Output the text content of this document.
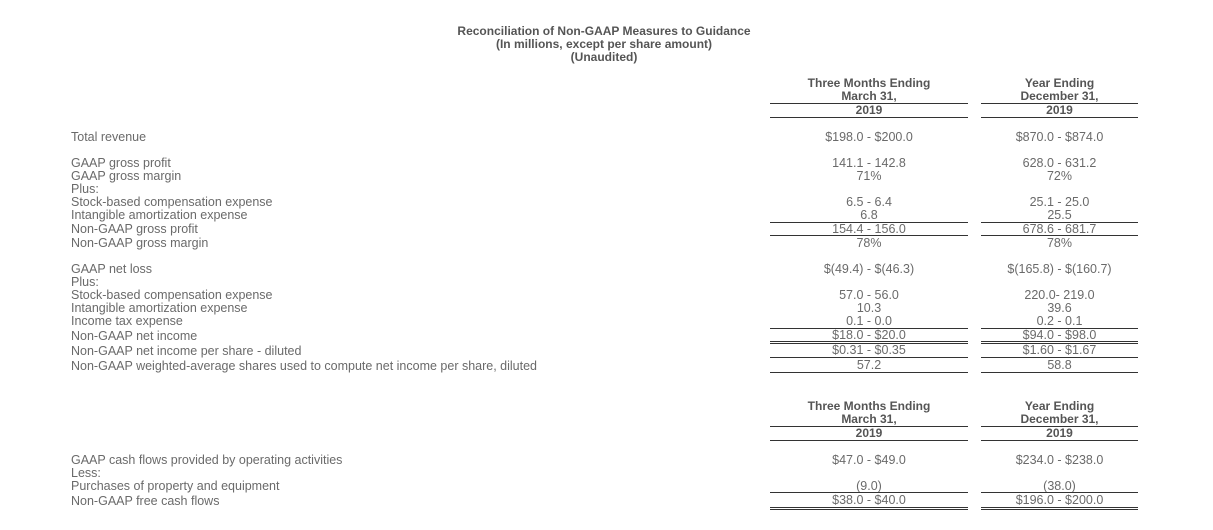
Reconciliation of Non-GAAP Measures to Guidance
(In millions, except per share amount)
(Unaudited)
Three Months Ending
March 31,
2019
Year Ending
December 31,
2019
Total revenue	$198.0 - $200.0	$870.0 - $874.0
GAAP gross profit	141.1 - 142.8	628.0 - 631.2
GAAP gross margin	71%	72%
Plus:
Stock-based compensation expense	6.5 - 6.4	25.1 - 25.0
Intangible amortization expense	6.8	25.5
Non-GAAP gross profit	154.4 - 156.0	678.6 - 681.7
Non-GAAP gross margin	78%	78%
GAAP net loss	$(49.4) - $(46.3)	$(165.8) - $(160.7)
Plus:
Stock-based compensation expense	57.0 - 56.0	220.0- 219.0
Intangible amortization expense	10.3	39.6
Income tax expense	0.1 - 0.0	0.2 - 0.1
Non-GAAP net income	$18.0 - $20.0	$94.0 - $98.0
Non-GAAP net income per share - diluted	$0.31 - $0.35	$1.60 - $1.67
Non-GAAP weighted-average shares used to compute net income per share, diluted	57.2	58.8
Three Months Ending
March 31,
2019
Year Ending
December 31,
2019
GAAP cash flows provided by operating activities	$47.0 - $49.0	$234.0 - $238.0
Less:
Purchases of property and equipment	(9.0)	(38.0)
Non-GAAP free cash flows	$38.0 - $40.0	$196.0 - $200.0
